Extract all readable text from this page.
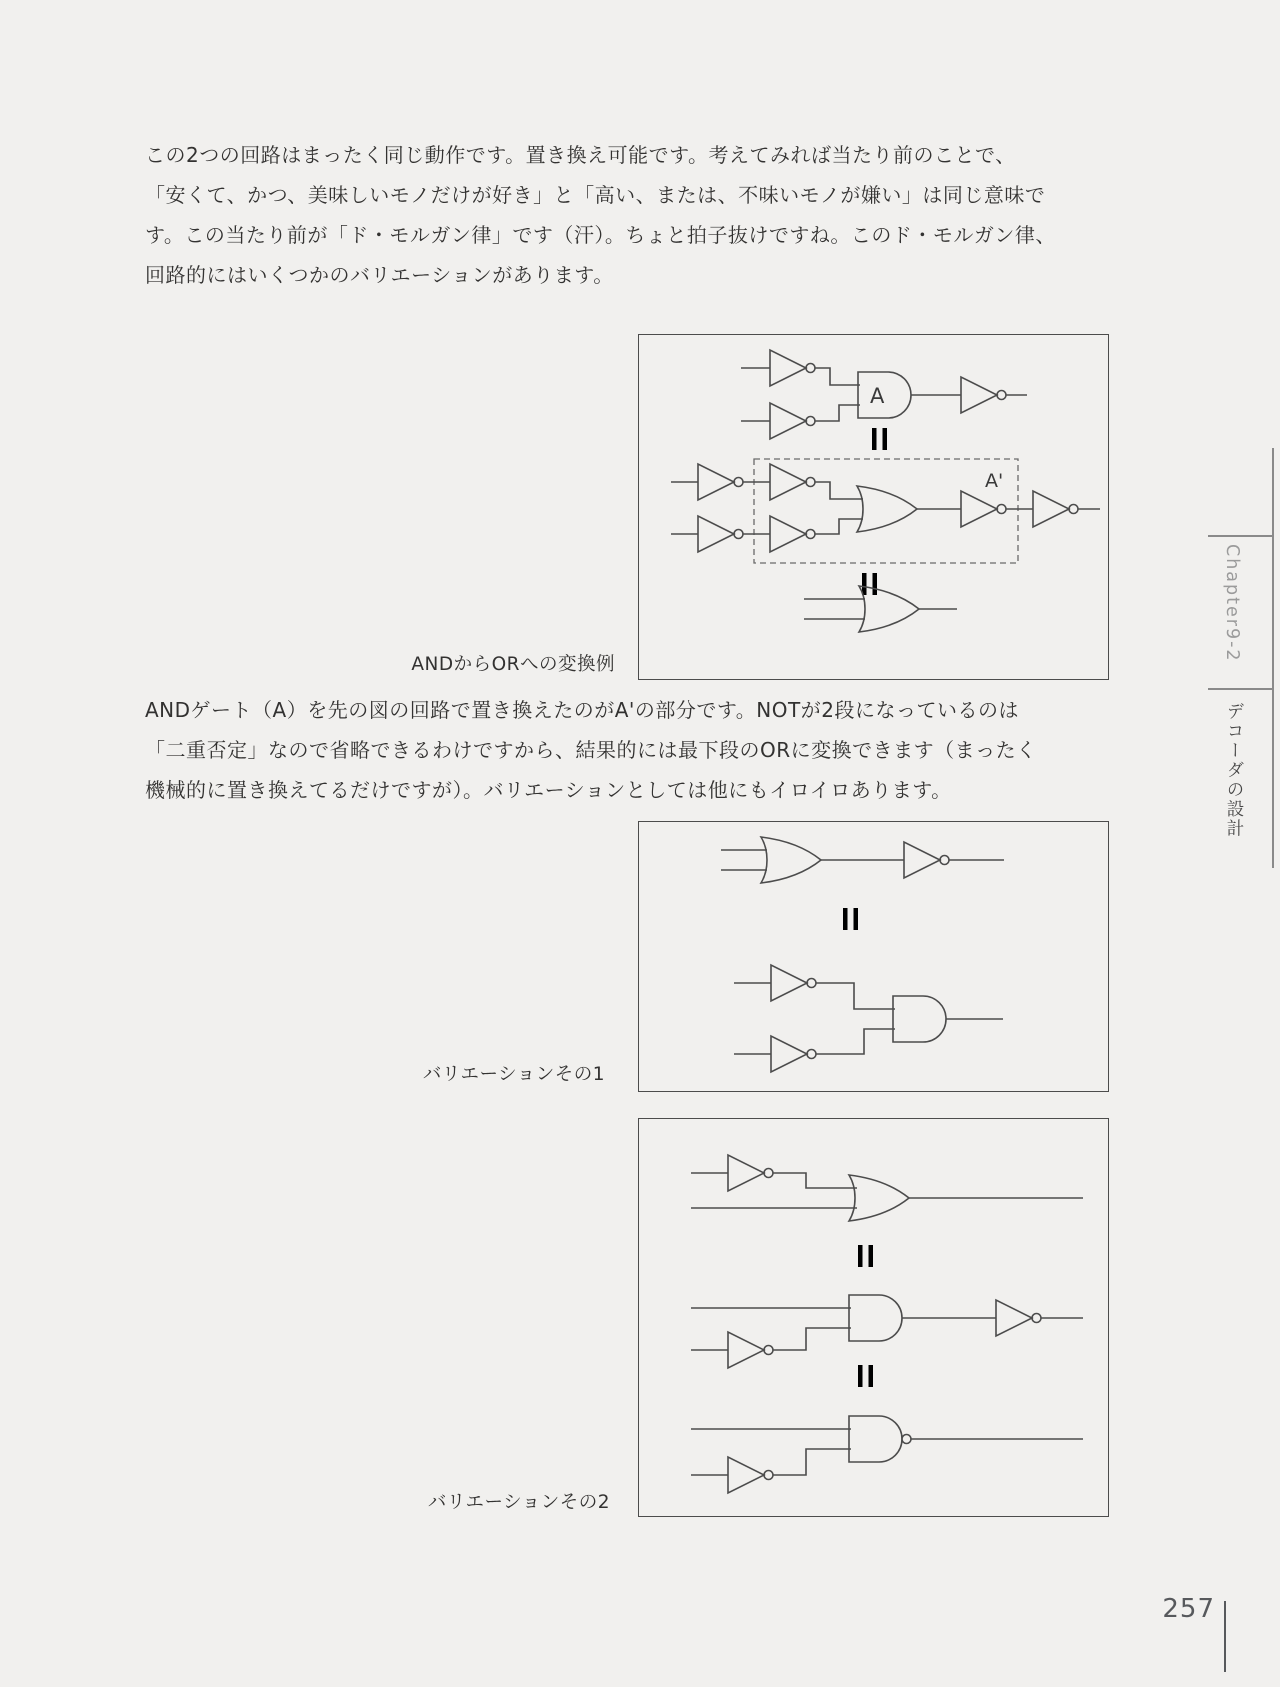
この2つの回路はまったく同じ動作です。置き換え可能です。考えてみれば当たり前のことで、
「安くて、かつ、美味しいモノだけが好き」と「高い、または、不味いモノが嫌い」は同じ意味で
す。この当たり前が「ド・モルガン律」です（汗）。ちょと拍子抜けですね。このド・モルガン律、
回路的にはいくつかのバリエーションがあります。
A
A'
ANDからORへの変換例
ANDゲート（A）を先の図の回路で置き換えたのがA'の部分です。NOTが2段になっているのは
「二重否定」なので省略できるわけですから、結果的には最下段のORに変換できます（まったく
機械的に置き換えてるだけですが）。バリエーションとしては他にもイロイロあります。
バリエーションその1
バリエーションその2
Chapter9-2
デコーダの設計
257
